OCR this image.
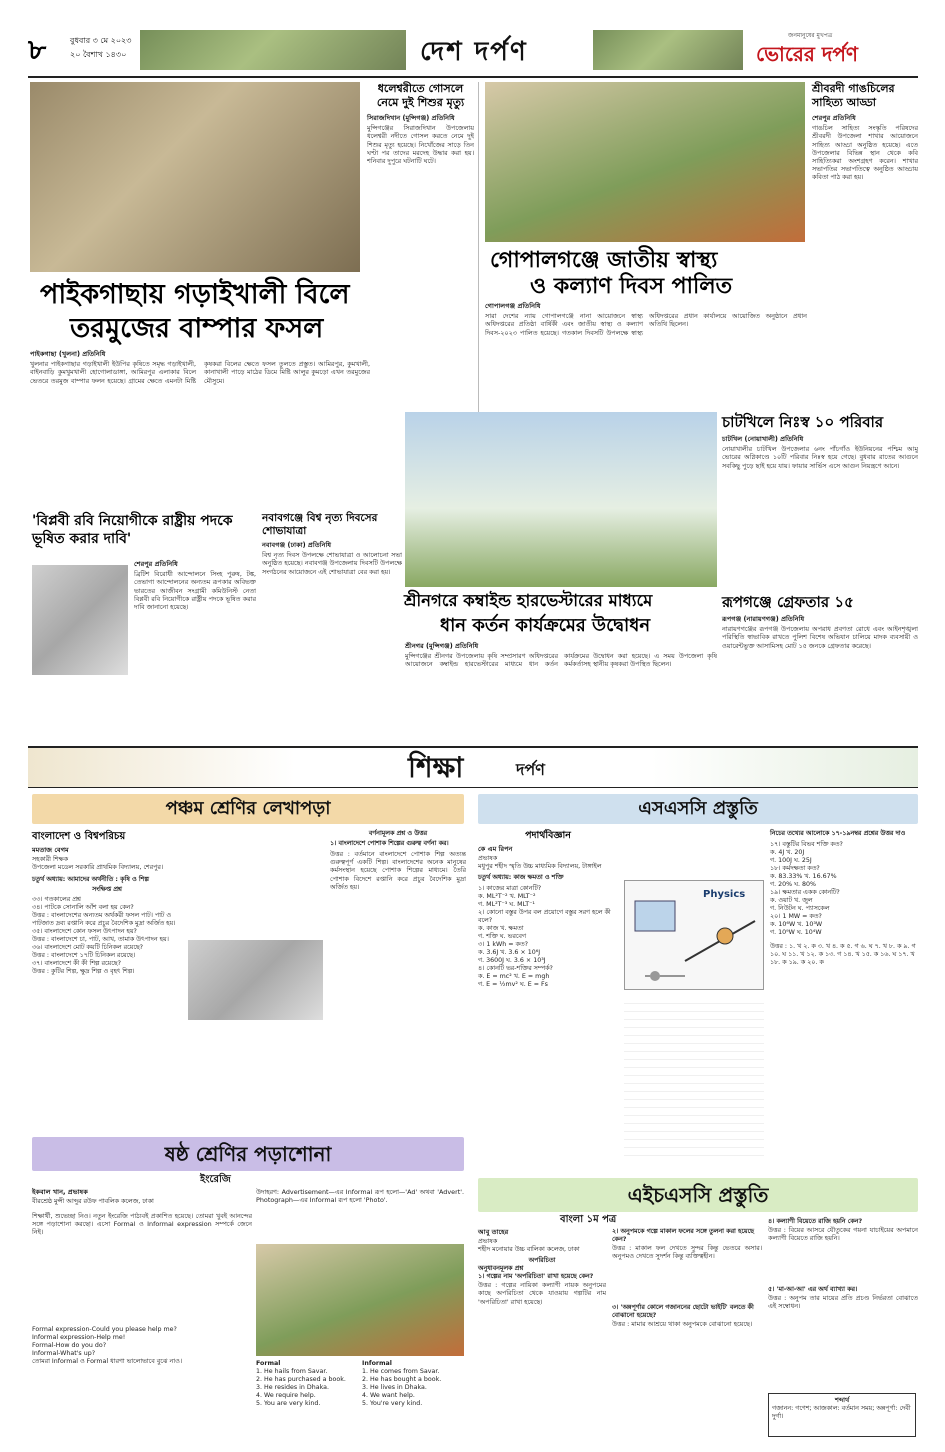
৮	বুধবার ৩ মে ২০২৩
২০ বৈশাখ ১৪৩০	দেশ দর্পণ
জনমানুষের মুখপত্র
ভোরের দর্পণ
পাইকগাছায় গড়াইখালী বিলে
তরমুজের বাম্পার ফসল
পাইকগাছা (খুলনা) প্রতিনিধি
খুলনার পাইকগাছার গড়াইখালী ইউপির কৃষিতে সমৃদ্ধ গড়াইখালী, বাইনবাড়ি কুমখুমখালী হোগোলাডাঙ্গা, আমিরপুর এলাকার বিলে ভেতরে তরমুজ বাম্পার ফলন হয়েছে। গ্রামের ক্ষেতে এমনটা মিষ্টি কৃষকরা বিলের ক্ষেতে ফসল তুলতে প্রস্তুত। আমিরপুর, কুমখালী, কানাখালী পাড়ে মাঠের ডিমে মিষ্টি আলুর কুমড়ো এখন তরমুজের মৌসুমে।
ধলেশ্বরীতে গোসলে নেমে দুই শিশুর মৃত্যু
সিরাজদিখান (মুন্সিগঞ্জ) প্রতিনিধি
মুন্সিগঞ্জের সিরাজদিখান উপজেলায় ধলেশ্বরী নদীতে গোসল করতে নেমে দুই শিশুর মৃত্যু হয়েছে। নিখোঁজের সাড়ে তিন ঘণ্টা পর তাদের মরদেহ উদ্ধার করা হয়। শনিবার দুপুরে ঘটনাটি ঘটে।
গোপালগঞ্জে জাতীয় স্বাস্থ্য
ও কল্যাণ দিবস পালিত
গোপালগঞ্জ প্রতিনিধি
সারা দেশের ন্যায় গোপালগঞ্জে নানা আয়োজনে স্বাস্থ্য অধিদপ্তরের প্রতিষ্ঠা বার্ষিকী এবং জাতীয় স্বাস্থ্য ও কল্যাণ দিবস-২০২৩ পালিত হয়েছে। গতকাল দিবসটি উপলক্ষে স্বাস্থ্য অধিদপ্তরের প্রধান কার্যালয়ে আয়োজিত অনুষ্ঠানে প্রধান অতিথি ছিলেন।
শ্রীবরদী গাঙচিলের সাহিত্য আড্ডা
শেরপুর প্রতিনিধি
গাঙচিল সাহিত্য সংস্কৃতি পরিষদের শ্রীবরদী উপজেলা শাখার আয়োজনে সাহিত্য আড্ডা অনুষ্ঠিত হয়েছে। এতে উপজেলার বিভিন্ন স্থান থেকে কবি সাহিত্যিকরা অংশগ্রহণ করেন। শাখার সভাপতির সভাপতিত্বে অনুষ্ঠিত আড্ডায় কবিতা পাঠ করা হয়।
'বিপ্লবী রবি নিয়োগীকে রাষ্ট্রীয় পদকে ভূষিত করার দাবি'
শেরপুর প্রতিনিধি
ব্রিটিশ বিরোধী আন্দোলনে সিংহ পুরুষ, টঙ্ক, তেভাগা আন্দোলনের অন্যতম রূপকার অবিভক্ত ভারতের আজীবন সংগ্রামী কমিউনিস্ট নেতা বিপ্লবী রবি নিয়োগীকে রাষ্ট্রীয় পদকে ভূষিত করার দাবি জানানো হয়েছে।
নবাবগঞ্জে বিশ্ব নৃত্য দিবসের শোভাযাত্রা
নবাবগঞ্জ (ঢাকা) প্রতিনিধি
বিশ্ব নৃত্য দিবস উপলক্ষে শোভাযাত্রা ও আলোচনা সভা অনুষ্ঠিত হয়েছে। নবাবগঞ্জ উপজেলায় দিবসটি উপলক্ষে সংগঠনের আয়োজনে এই শোভাযাত্রা বের করা হয়।
শ্রীনগরে কম্বাইন্ড হারভেস্টারের মাধ্যমে
ধান কর্তন কার্যক্রমের উদ্বোধন
শ্রীনগর (মুন্সিগঞ্জ) প্রতিনিধি
মুন্সিগঞ্জের শ্রীনগর উপজেলায় কৃষি সম্প্রসারণ অধিদপ্তরের আয়োজনে কম্বাইন্ড হারভেস্টারের মাধ্যমে ধান কর্তন কার্যক্রমের উদ্বোধন করা হয়েছে। এ সময় উপজেলা কৃষি কর্মকর্তাসহ স্থানীয় কৃষকরা উপস্থিত ছিলেন।
চাটখিলে নিঃস্ব ১০ পরিবার
চাটখিল (নোয়াখালী) প্রতিনিধি
নোয়াখালীর চাটখিল উপজেলার ৬নং পাঁচগাঁও ইউনিয়নের পশ্চিম আমু ভোরের অগ্নিকাণ্ডে ১০টি পরিবার নিঃস্ব হয়ে গেছে। বুধবার রাতের আগুনে সবকিছু পুড়ে ছাই হয়ে যায়। ফায়ার সার্ভিস এসে আগুন নিয়ন্ত্রণে আনে।
রূপগঞ্জে গ্রেফতার ১৫
রূপগঞ্জ (নারায়ণগঞ্জ) প্রতিনিধি
নারায়ণগঞ্জের রূপগঞ্জ উপজেলায় অপরাধ প্রবণতা রোধে এবং আইনশৃঙ্খলা পরিস্থিতি স্বাভাবিক রাখতে পুলিশ বিশেষ অভিযান চালিয়ে মাদক ব্যবসায়ী ও ওয়ারেন্টভুক্ত আসামিসহ মোট ১৫ জনকে গ্রেফতার করেছে।
শিক্ষা	দর্পণ
পঞ্চম শ্রেণির লেখাপড়া
বাংলাদেশ ও বিশ্বপরিচয়
মমতাজ বেগম
সহকারী শিক্ষক
উপজেলা মডেল সরকারি প্রাথমিক বিদ্যালয়, শেরপুর।
চতুর্থ অধ্যায়: আমাদের অর্থনীতি : কৃষি ও শিল্প
সংক্ষিপ্ত প্রশ্ন
৩৩। গতকালের প্রশ্ন
৩৪। পাটকে সোনালি আঁশ বলা হয় কেন?
উত্তর : বাংলাদেশের অন্যতম অর্থকরী ফসল পাট। পাট ও পাটজাত দ্রব্য রপ্তানি করে প্রচুর বৈদেশিক মুদ্রা অর্জিত হয়।
৩৫। বাংলাদেশে কোন ফসল উৎপাদন হয়?
উত্তর : বাংলাদেশে চা, পাট, আখ, তামাক উৎপাদন হয়।
৩৬। বাংলাদেশে মোট কয়টি চিনিকল রয়েছে?
উত্তর : বাংলাদেশে ১৭টি চিনিকল রয়েছে।
৩৭। বাংলাদেশে কী কী শিল্প রয়েছে?
উত্তর : কুটির শিল্প, ক্ষুদ্র শিল্প ও বৃহৎ শিল্প।
বর্ণনামূলক প্রশ্ন ও উত্তর
১। বাংলাদেশে পোশাক শিল্পের গুরুত্ব বর্ণনা কর।
উত্তর : বর্তমানে বাংলাদেশে পোশাক শিল্প অত্যন্ত গুরুত্বপূর্ণ একটি শিল্প। বাংলাদেশের অনেক মানুষের কর্মসংস্থান হয়েছে পোশাক শিল্পের মাধ্যমে। তৈরি পোশাক বিদেশে রপ্তানি করে প্রচুর বৈদেশিক মুদ্রা অর্জিত হয়।
ষষ্ঠ শ্রেণির পড়াশোনা
ইংরেজি
ইকবাল খান, প্রভাষক
বীরশ্রেষ্ঠ মুন্সী আব্দুর রউফ পাবলিক কলেজ, ঢাকা
শিক্ষার্থী, শুভেচ্ছা নিও। নতুন ইংরেজি পাঠ্যবই প্রকাশিত হয়েছে। তোমরা খুবই আনন্দের সঙ্গে পড়াশোনা করছো। এসো Formal ও Informal expression সম্পর্কে জেনে নিই।
Formal expression-Could you please help me?
Informal expression-Help me!
Formal-How do you do?
Informal-What's up?
তোমরা Informal ও Formal ধারণা ভালোভাবে বুঝে নাও।
উদাহরণ: Advertisement—এর Informal রূপ হলো—'Ad' অথবা 'Advert'. Photograph—এর Informal রূপ হলো 'Photo'.
Formal
1. He hails from Savar.
2. He has purchased a book.
3. He resides in Dhaka.
4. We require help.
5. You are very kind.
Informal
1. He comes from Savar.
2. He has bought a book.
3. He lives in Dhaka.
4. We want help.
5. You're very kind.
এসএসসি প্রস্তুতি
পদার্থবিজ্ঞান
কে এম রিপন
প্রভাষক
মধুপুর শহীদ স্মৃতি উচ্চ মাধ্যমিক বিদ্যালয়, টাঙ্গাইল
চতুর্থ অধ্যায়: কাজ ক্ষমতা ও শক্তি
১। কাজের মাত্রা কোনটি?
ক. ML²T⁻² খ. MLT⁻²
গ. ML²T⁻³ ঘ. MLT⁻¹
২। কোনো বস্তুর উপর বল প্রয়োগে বস্তুর সরণ হলে কী বলে?
ক. কাজ খ. ক্ষমতা
গ. শক্তি ঘ. ভরবেগ
৩। 1 kWh = কত?
ক. 3.6J খ. 3.6 × 10⁶J
গ. 3600J ঘ. 3.6 × 10³J
৪। কোনটি ভর-শক্তির সম্পর্ক?
ক. E = mc² খ. E = mgh
গ. E = ½mv² ঘ. E = Fs
Physics
নিচের তথ্যের আলোকে ১৭-১৯নম্বর প্রশ্নের উত্তর দাও
১৭। বস্তুটির বিভব শক্তি কত?
ক. 4J খ. 20J
গ. 100J ঘ. 25J
১৮। কর্মদক্ষতা কত?
ক. 83.33% খ. 16.67%
গ. 20% ঘ. 80%
১৯। ক্ষমতার একক কোনটি?
ক. ওয়াট খ. জুল
গ. নিউটন ঘ. প্যাসকেল
২০। 1 MW = কত?
ক. 10⁶W খ. 10³W
গ. 10⁹W ঘ. 10⁴W
উত্তর : ১. খ ২. ক ৩. খ ৪. ক ৫. গ ৬. ঘ ৭. খ ৮. ক ৯. গ ১০. ঘ ১১. খ ১২. ক ১৩. গ ১৪. খ ১৫. ক ১৬. ঘ ১৭. খ ১৮. ক ১৯. ক ২০. ক
এইচএসসি প্রস্তুতি
বাংলা ১ম পত্র
আবু তাহের
প্রভাষক
শহীদ মনোয়ার উচ্চ বালিকা কলেজ, ঢাকা
অপরিচিতা
অনুধাবনমূলক প্রশ্ন
১। গল্পের নাম 'অপরিচিতা' রাখা হয়েছে কেন?
উত্তর : গল্পের নায়িকা কল্যাণী নায়ক অনুপমের কাছে অপরিচিতা থেকে যাওয়ায় গল্পটির নাম 'অপরিচিতা' রাখা হয়েছে।
২। অনুপমকে গল্পে মাকাল ফলের সঙ্গে তুলনা করা হয়েছে কেন?
উত্তর : মাকাল ফল দেখতে সুন্দর কিন্তু ভেতরে অসার। অনুপমও দেখতে সুদর্শন কিন্তু ব্যক্তিত্বহীন।
৩। 'অন্নপূর্ণার কোলে গজাননের ছোটো ভাইটি' বলতে কী বোঝানো হয়েছে?
উত্তর : মামার আশ্রয়ে থাকা অনুপমকে বোঝানো হয়েছে।
৪। কল্যাণী বিয়েতে রাজি হয়নি কেন?
উত্তর : বিয়ের আসরে যৌতুকের গয়না যাচাইয়ের অপমানে কল্যাণী বিয়েতে রাজি হয়নি।
৫। 'মা-আ-আ' এর অর্থ ব্যাখ্যা কর।
উত্তর : অনুপম তার মায়ের প্রতি প্রচণ্ড নির্ভরতা বোঝাতে এই সম্বোধন।
শব্দার্থ
গজানন: গণেশ; আজকাল: বর্তমান সময়; অন্নপূর্ণা: দেবী দুর্গা।
